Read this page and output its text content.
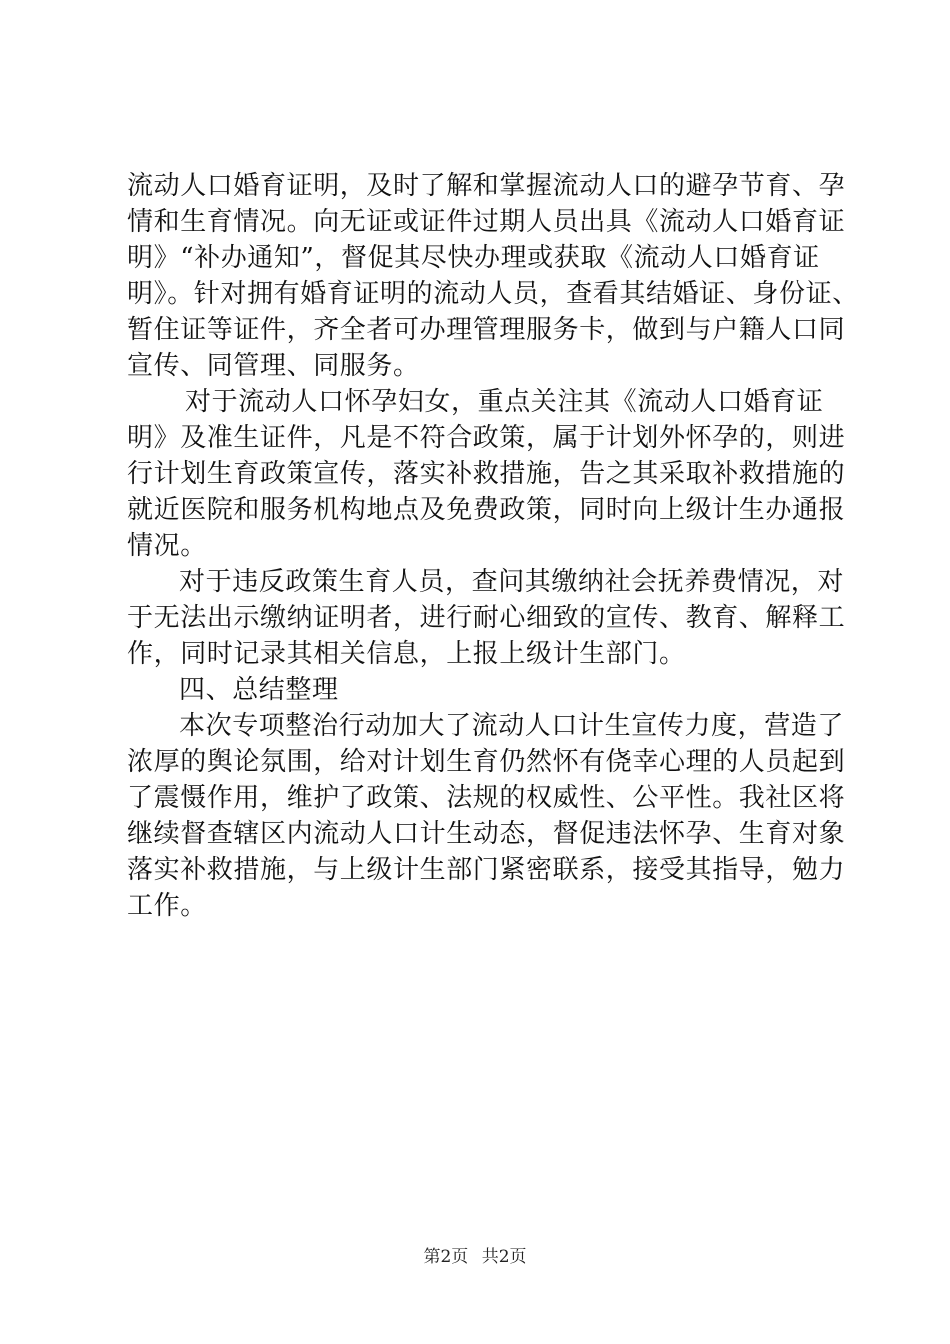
流动人口婚育证明，及时了解和掌握流动人口的避孕节育、孕
情和生育情况。向无证或证件过期人员出具《流动人口婚育证
明》“补办通知”，督促其尽快办理或获取《流动人口婚育证
明》。针对拥有婚育证明的流动人员，查看其结婚证、身份证、
暂住证等证件，齐全者可办理管理服务卡，做到与户籍人口同
宣传、同管理、同服务。
对于流动人口怀孕妇女，重点关注其《流动人口婚育证
明》及准生证件，凡是不符合政策，属于计划外怀孕的，则进
行计划生育政策宣传，落实补救措施，告之其采取补救措施的
就近医院和服务机构地点及免费政策，同时向上级计生办通报
情况。
对于违反政策生育人员，查问其缴纳社会抚养费情况，对
于无法出示缴纳证明者，进行耐心细致的宣传、教育、解释工
作，同时记录其相关信息，上报上级计生部门。
四、总结整理
本次专项整治行动加大了流动人口计生宣传力度，营造了
浓厚的舆论氛围，给对计划生育仍然怀有侥幸心理的人员起到
了震慑作用，维护了政策、法规的权威性、公平性。我社区将
继续督查辖区内流动人口计生动态，督促违法怀孕、生育对象
落实补救措施，与上级计生部门紧密联系，接受其指导，勉力
工作。
第2页 共2页
